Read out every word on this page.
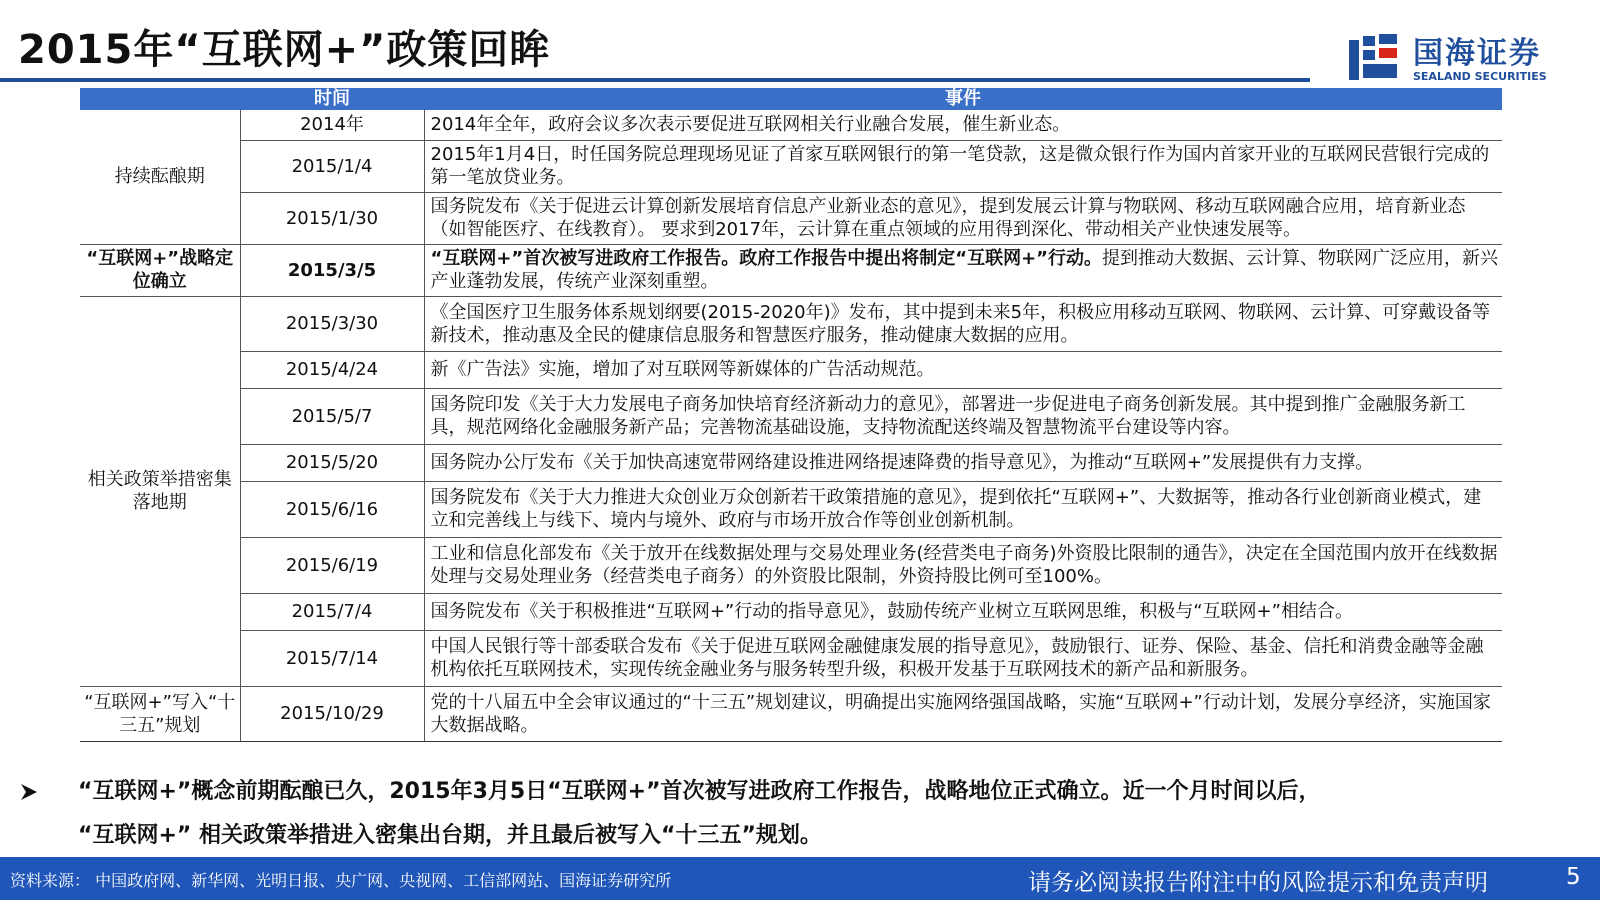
2015年“互联网+”政策回眸	国海证券
SEALAND SECURITIES
	时间	事件
持续酝酿期	2014年	2014年全年，政府会议多次表示要促进互联网相关行业融合发展，催生新业态。
	2015/1/4	2015年1月4日，时任国务院总理现场见证了首家互联网银行的第一笔贷款，这是微众银行作为国内首家开业的互联网民营银行完成的第一笔放贷业务。
	2015/1/30	国务院发布《关于促进云计算创新发展培育信息产业新业态的意见》，提到发展云计算与物联网、移动互联网融合应用，培育新业态（如智能医疗、在线教育）。 要求到2017年，云计算在重点领域的应用得到深化、带动相关产业快速发展等。
“互联网+”战略定位确立	2015/3/5	“互联网+”首次被写进政府工作报告。政府工作报告中提出将制定“互联网+”行动。提到推动大数据、云计算、物联网广泛应用，新兴产业蓬勃发展，传统产业深刻重塑。
相关政策举措密集落地期	2015/3/30	《全国医疗卫生服务体系规划纲要(2015-2020年)》发布，其中提到未来5年，积极应用移动互联网、物联网、云计算、可穿戴设备等新技术，推动惠及全民的健康信息服务和智慧医疗服务，推动健康大数据的应用。
	2015/4/24	新《广告法》实施，增加了对互联网等新媒体的广告活动规范。
	2015/5/7	国务院印发《关于大力发展电子商务加快培育经济新动力的意见》，部署进一步促进电子商务创新发展。其中提到推广金融服务新工具，规范网络化金融服务新产品；完善物流基础设施，支持物流配送终端及智慧物流平台建设等内容。
	2015/5/20	国务院办公厅发布《关于加快高速宽带网络建设推进网络提速降费的指导意见》，为推动“互联网+”发展提供有力支撑。
	2015/6/16	国务院发布《关于大力推进大众创业万众创新若干政策措施的意见》，提到依托“互联网+”、大数据等，推动各行业创新商业模式，建立和完善线上与线下、境内与境外、政府与市场开放合作等创业创新机制。
	2015/6/19	工业和信息化部发布《关于放开在线数据处理与交易处理业务(经营类电子商务)外资股比限制的通告》，决定在全国范围内放开在线数据处理与交易处理业务（经营类电子商务）的外资股比限制，外资持股比例可至100%。
	2015/7/4	国务院发布《关于积极推进“互联网+”行动的指导意见》，鼓励传统产业树立互联网思维，积极与“互联网+”相结合。
	2015/7/14	中国人民银行等十部委联合发布《关于促进互联网金融健康发展的指导意见》，鼓励银行、证券、保险、基金、信托和消费金融等金融机构依托互联网技术，实现传统金融业务与服务转型升级，积极开发基于互联网技术的新产品和新服务。
“互联网+”写入“十三五”规划	2015/10/29	党的十八届五中全会审议通过的“十三五”规划建议，明确提出实施网络强国战略，实施“互联网+”行动计划，发展分享经济，实施国家大数据战略。
“互联网+”概念前期酝酿已久，2015年3月5日“互联网+”首次被写进政府工作报告，战略地位正式确立。近一个月时间以后，
“互联网+” 相关政策举措进入密集出台期，并且最后被写入“十三五”规划。
资料来源： 中国政府网、新华网、光明日报、央广网、央视网、工信部网站、国海证券研究所	请务必阅读报告附注中的风险提示和免责声明	5
